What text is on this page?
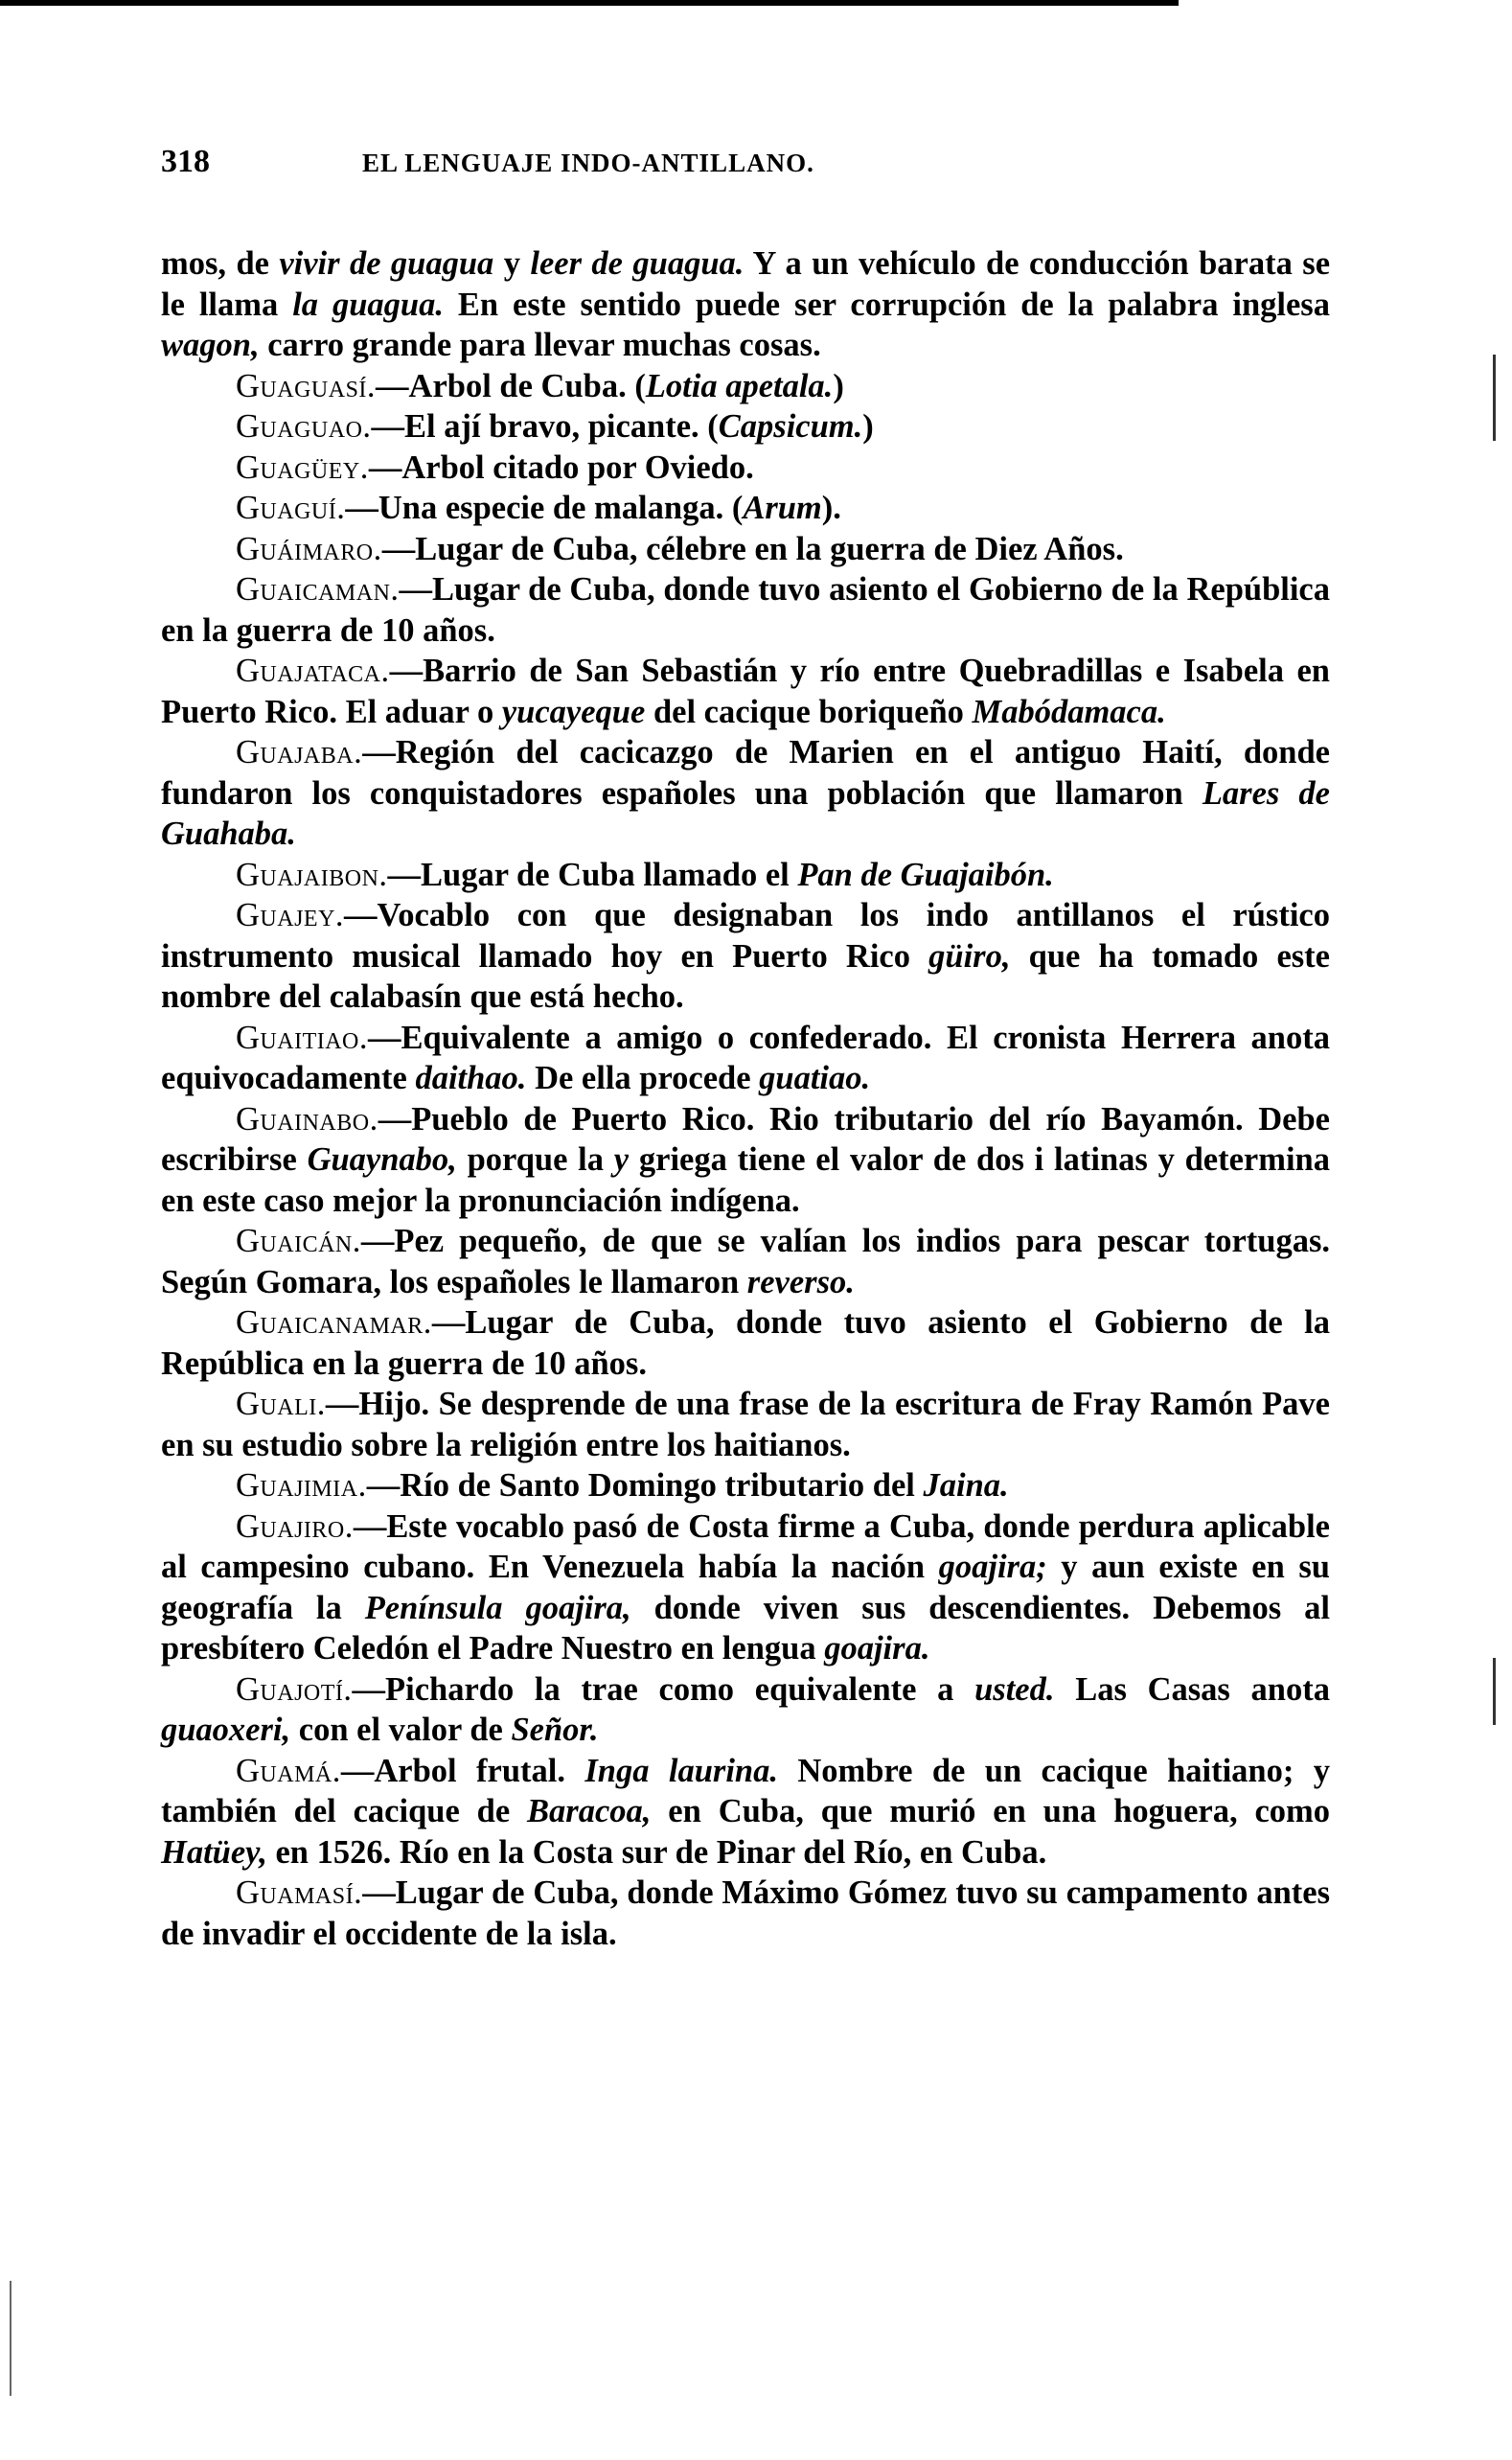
318	EL LENGUAJE INDO-ANTILLANO.

mos, de vivir de guagua y leer de guagua. Y a un vehículo de conducción barata se le llama la guagua. En este sentido puede ser corrupción de la palabra inglesa wagon, carro grande para llevar muchas cosas.

Guaguasí.—Arbol de Cuba. (Lotia apetala.)

Guaguao.—El ají bravo, picante. (Capsicum.)

Guagüey.—Arbol citado por Oviedo.

Guaguí.—Una especie de malanga. (Arum).

Guáimaro.—Lugar de Cuba, célebre en la guerra de Diez Años.

Guaicaman.—Lugar de Cuba, donde tuvo asiento el Gobierno de la República en la guerra de 10 años.

Guajataca.—Barrio de San Sebastián y río entre Quebradillas e Isabela en Puerto Rico. El aduar o yucayeque del cacique boriqueño Mabódamaca.

Guajaba.—Región del cacicazgo de Marien en el antiguo Haití, donde fundaron los conquistadores españoles una población que llamaron Lares de Guahaba.

Guajaibon.—Lugar de Cuba llamado el Pan de Guajaibón.

Guajey.—Vocablo con que designaban los indo antillanos el rústico instrumento musical llamado hoy en Puerto Rico güiro, que ha tomado este nombre del calabasín que está hecho.

Guaitiao.—Equivalente a amigo o confederado. El cronista Herrera anota equivocadamente daithao. De ella procede guatiao.

Guainabo.—Pueblo de Puerto Rico. Rio tributario del río Bayamón. Debe escribirse Guaynabo, porque la y griega tiene el valor de dos i latinas y determina en este caso mejor la pronunciación indígena.

Guaicán.—Pez pequeño, de que se valían los indios para pescar tortugas. Según Gomara, los españoles le llamaron reverso.

Guaicanamar.—Lugar de Cuba, donde tuvo asiento el Gobierno de la República en la guerra de 10 años.

Guali.—Hijo. Se desprende de una frase de la escritura de Fray Ramón Pave en su estudio sobre la religión entre los haitianos.

Guajimia.—Río de Santo Domingo tributario del Jaina.

Guajiro.—Este vocablo pasó de Costa firme a Cuba, donde perdura aplicable al campesino cubano. En Venezuela había la nación goajira; y aun existe en su geografía la Península goajira, donde viven sus descendientes. Debemos al presbítero Celedón el Padre Nuestro en lengua goajira.

Guajotí.—Pichardo la trae como equivalente a usted. Las Casas anota guaoxeri, con el valor de Señor.

Guamá.—Arbol frutal. Inga laurina. Nombre de un cacique haitiano; y también del cacique de Baracoa, en Cuba, que murió en una hoguera, como Hatüey, en 1526. Río en la Costa sur de Pinar del Río, en Cuba.

Guamasí.—Lugar de Cuba, donde Máximo Gómez tuvo su campamento antes de invadir el occidente de la isla.
